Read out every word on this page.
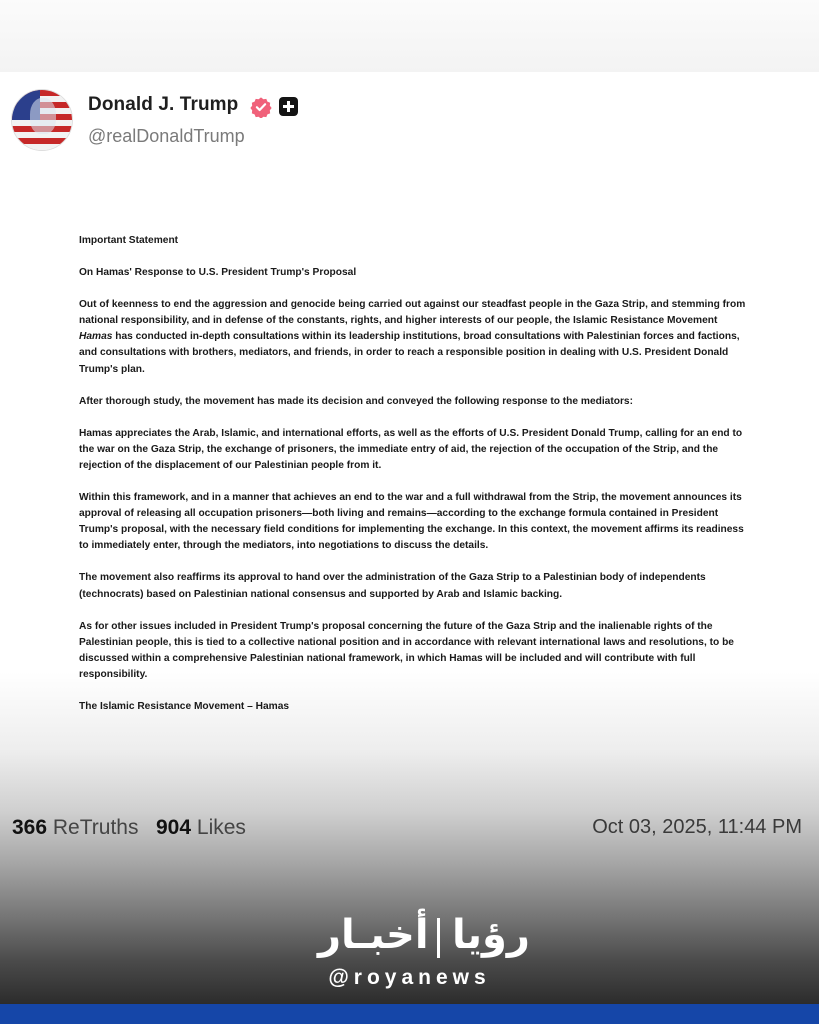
Donald J. Trump
@realDonaldTrump

Important Statement

On Hamas' Response to U.S. President Trump's Proposal

Out of keenness to end the aggression and genocide being carried out against our steadfast people in the Gaza Strip, and stemming from national responsibility, and in defense of the constants, rights, and higher interests of our people, the Islamic Resistance Movement Hamas has conducted in-depth consultations within its leadership institutions, broad consultations with Palestinian forces and factions, and consultations with brothers, mediators, and friends, in order to reach a responsible position in dealing with U.S. President Donald Trump's plan.

After thorough study, the movement has made its decision and conveyed the following response to the mediators:

Hamas appreciates the Arab, Islamic, and international efforts, as well as the efforts of U.S. President Donald Trump, calling for an end to the war on the Gaza Strip, the exchange of prisoners, the immediate entry of aid, the rejection of the occupation of the Strip, and the rejection of the displacement of our Palestinian people from it.

Within this framework, and in a manner that achieves an end to the war and a full withdrawal from the Strip, the movement announces its approval of releasing all occupation prisoners—both living and remains—according to the exchange formula contained in President Trump's proposal, with the necessary field conditions for implementing the exchange. In this context, the movement affirms its readiness to immediately enter, through the mediators, into negotiations to discuss the details.

The movement also reaffirms its approval to hand over the administration of the Gaza Strip to a Palestinian body of independents (technocrats) based on Palestinian national consensus and supported by Arab and Islamic backing.

As for other issues included in President Trump's proposal concerning the future of the Gaza Strip and the inalienable rights of the Palestinian people, this is tied to a collective national position and in accordance with relevant international laws and resolutions, to be discussed within a comprehensive Palestinian national framework, in which Hamas will be included and will contribute with full responsibility.

The Islamic Resistance Movement – Hamas

366 ReTruths 904 Likes	Oct 03, 2025, 11:44 PM
أخبـار رؤيا
@royanews
